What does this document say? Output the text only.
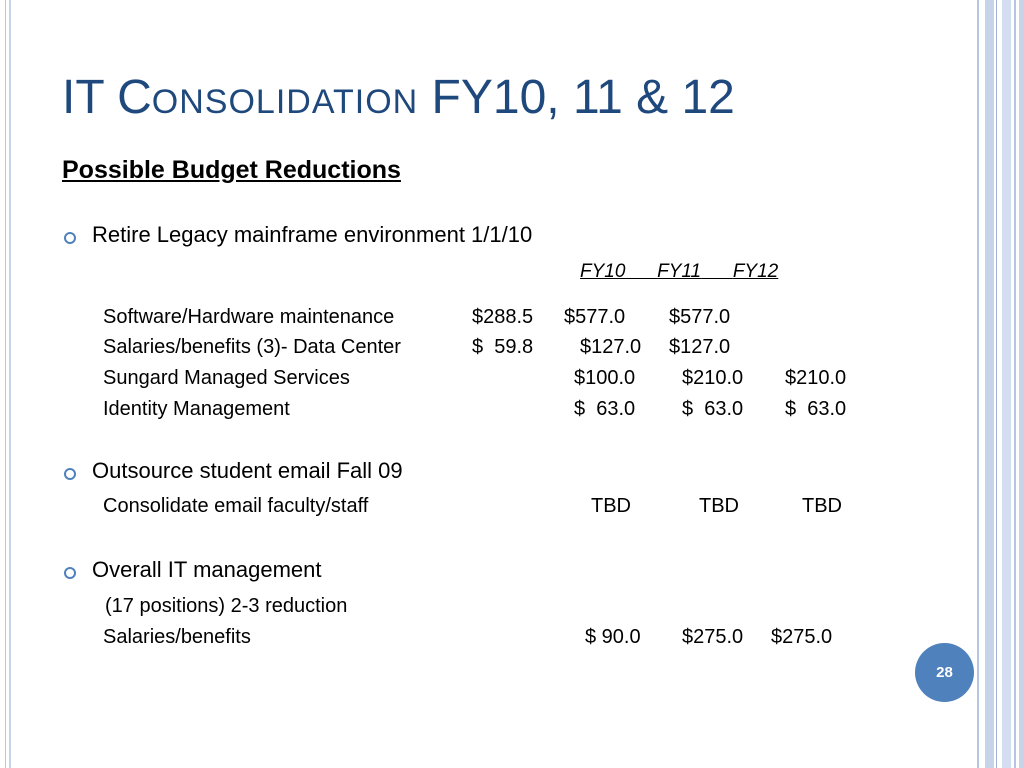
IT Consolidation FY10, 11 & 12
Possible Budget Reductions
Retire Legacy mainframe environment 1/1/10
FY10 FY11 FY12
Software/Hardware maintenance	$288.5 $577.0 $577.0
Salaries/benefits (3)- Data Center	$  59.8 $127.0 $127.0
Sungard Managed Services	$100.0 $210.0 $210.0
Identity Management	$  63.0 $  63.0 $  63.0
Outsource student email Fall 09
Consolidate email faculty/staff	TBD	TBD	TBD
Overall IT management
(17 positions) 2-3 reduction
Salaries/benefits	$ 90.0 $275.0 $275.0
28
